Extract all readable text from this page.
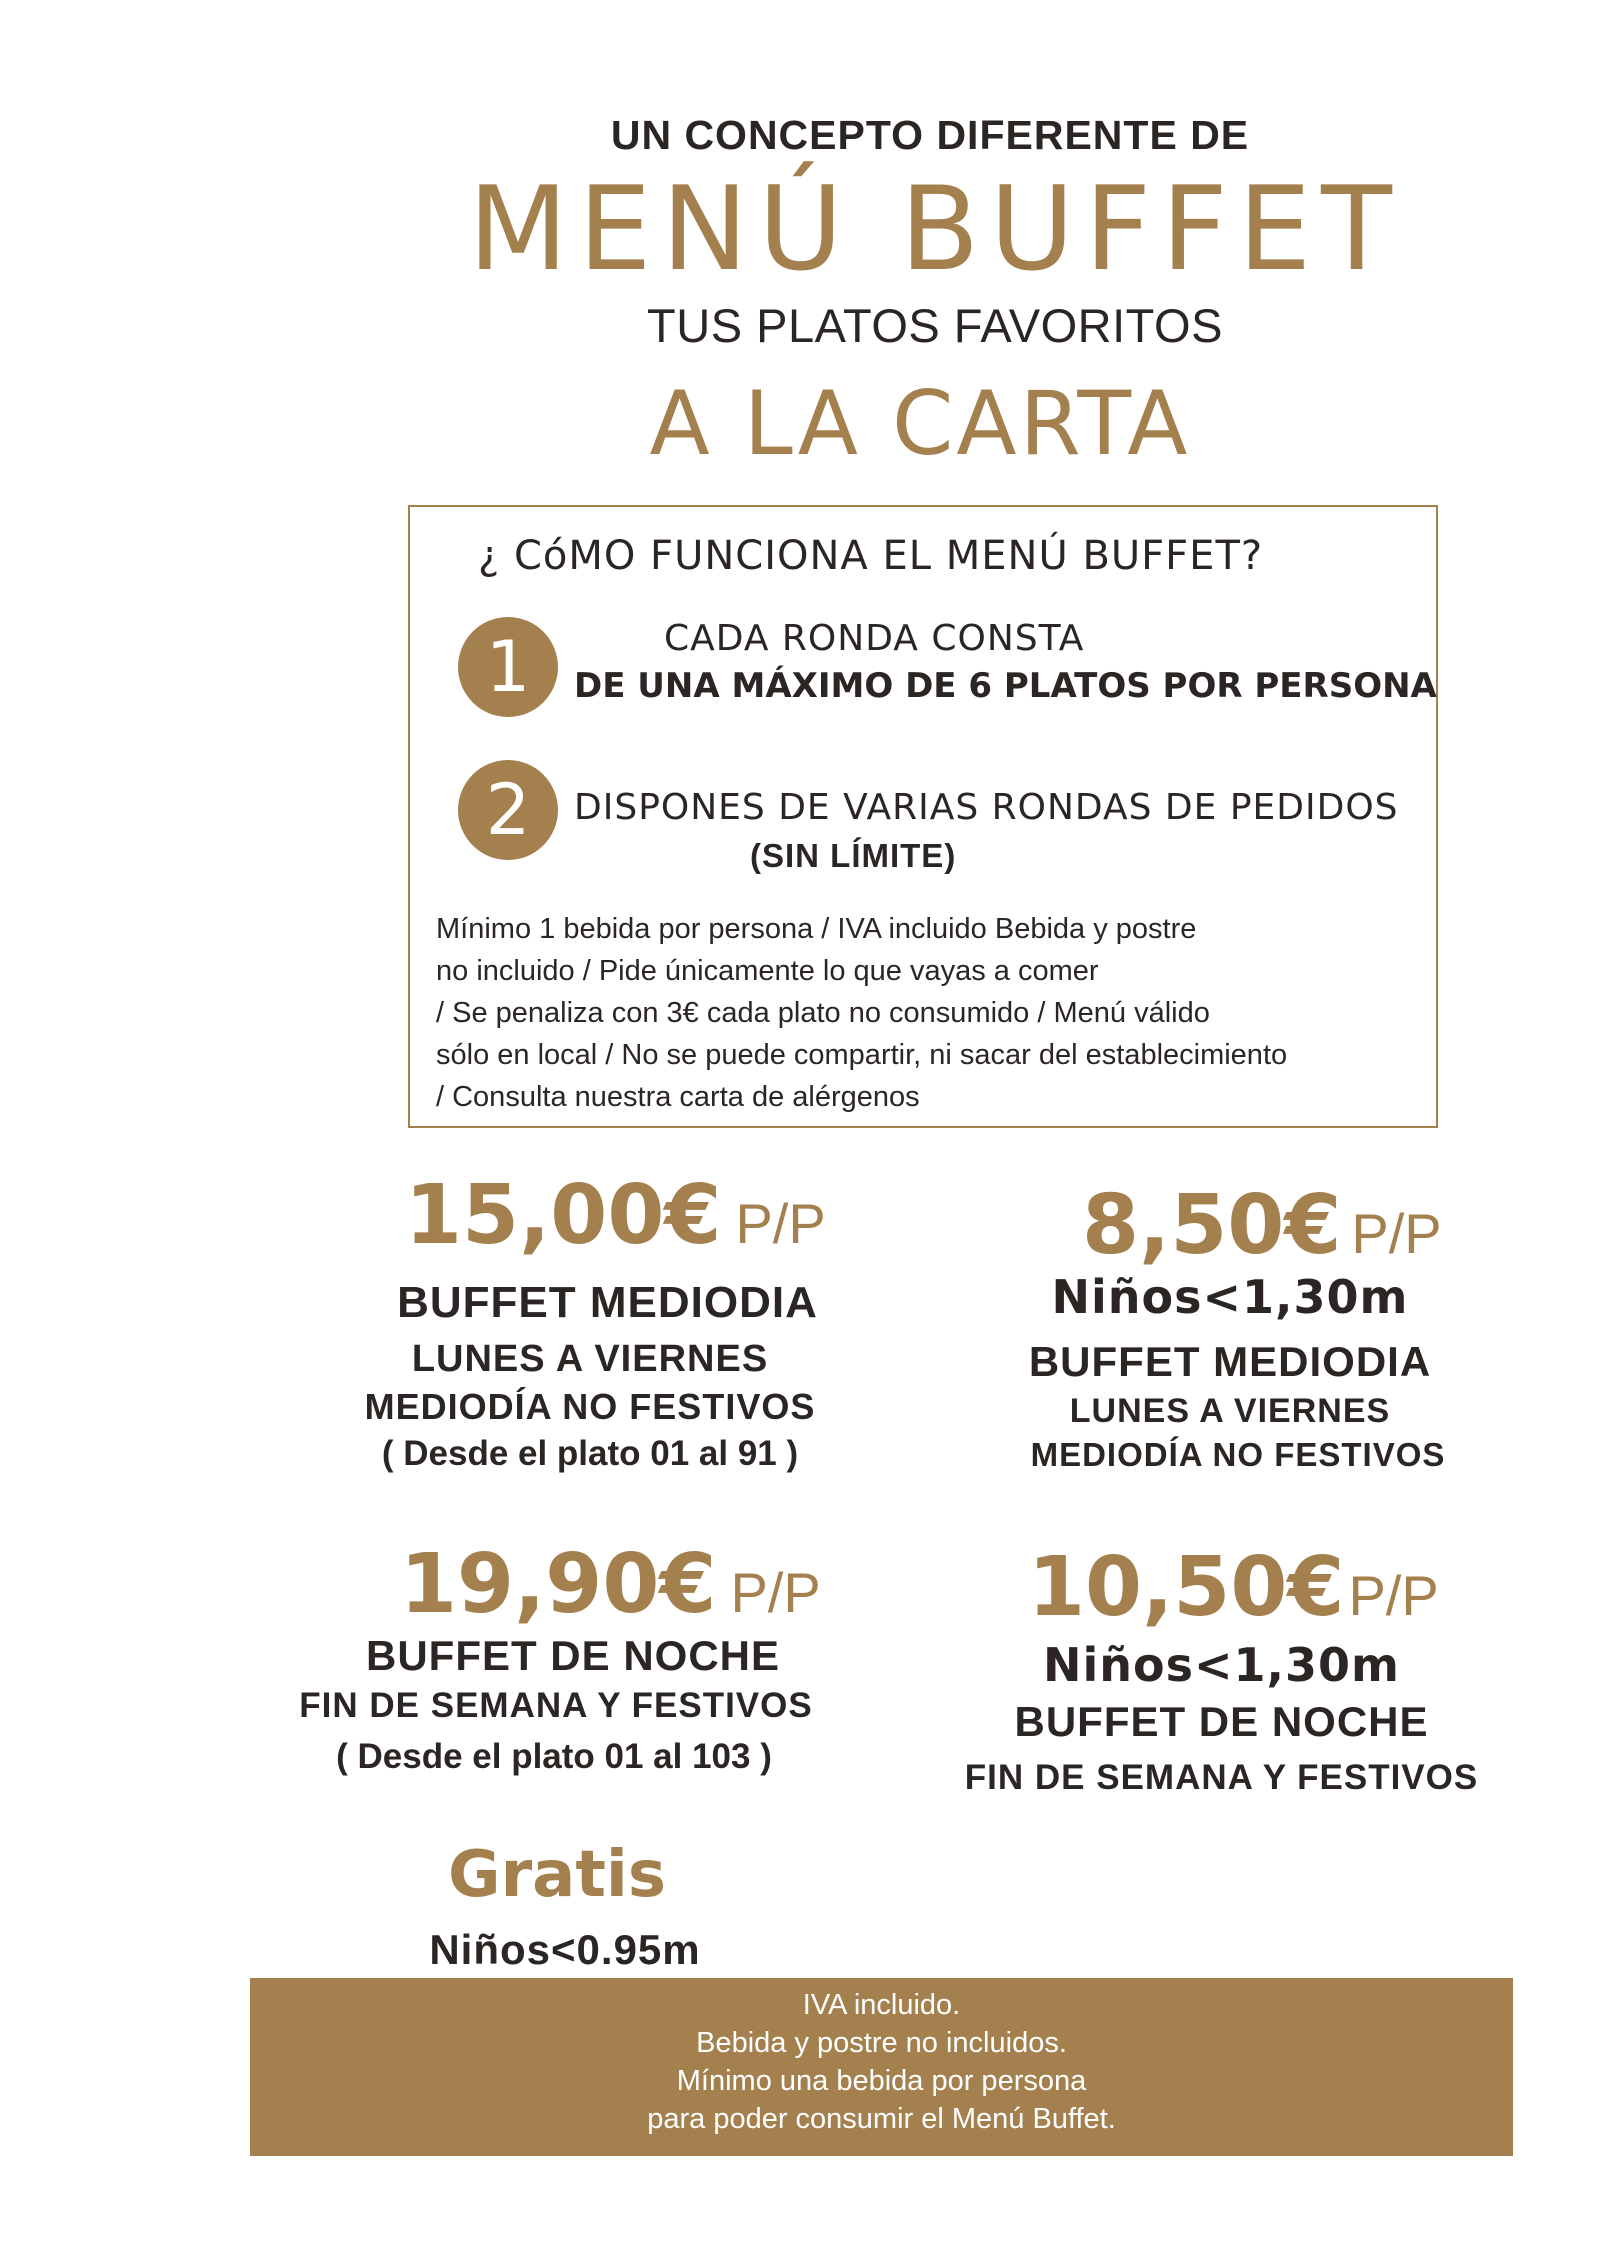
UN CONCEPTO DIFERENTE DE
MENÚ BUFFET
TUS PLATOS FAVORITOS
A LA CARTA
¿ CóMO FUNCIONA EL MENÚ BUFFET?
1	CADA RONDA CONSTA
DE UNA MÁXIMO DE 6 PLATOS POR PERSONA
2	DISPONES DE VARIAS RONDAS DE PEDIDOS
(SIN LÍMITE)
Mínimo 1 bebida por persona / IVA incluido Bebida y postre
no incluido / Pide únicamente lo que vayas a comer
/ Se penaliza con 3€ cada plato no consumido / Menú válido
sólo en local / No se puede compartir, ni sacar del establecimiento
/ Consulta nuestra carta de alérgenos
15,00€ P/P
BUFFET MEDIODIA
LUNES A VIERNES
MEDIODÍA NO FESTIVOS
( Desde el plato 01 al 91 )
8,50€ P/P
Niños<1,30m
BUFFET MEDIODIA
LUNES A VIERNES
MEDIODÍA NO FESTIVOS
19,90€ P/P
BUFFET DE NOCHE
FIN DE SEMANA Y FESTIVOS
( Desde el plato 01 al 103 )
10,50€P/P
Niños<1,30m
BUFFET DE NOCHE
FIN DE SEMANA Y FESTIVOS
Gratis
Niños<0.95m
IVA incluido.
Bebida y postre no incluidos.
Mínimo una bebida por persona
para poder consumir el Menú Buffet.
